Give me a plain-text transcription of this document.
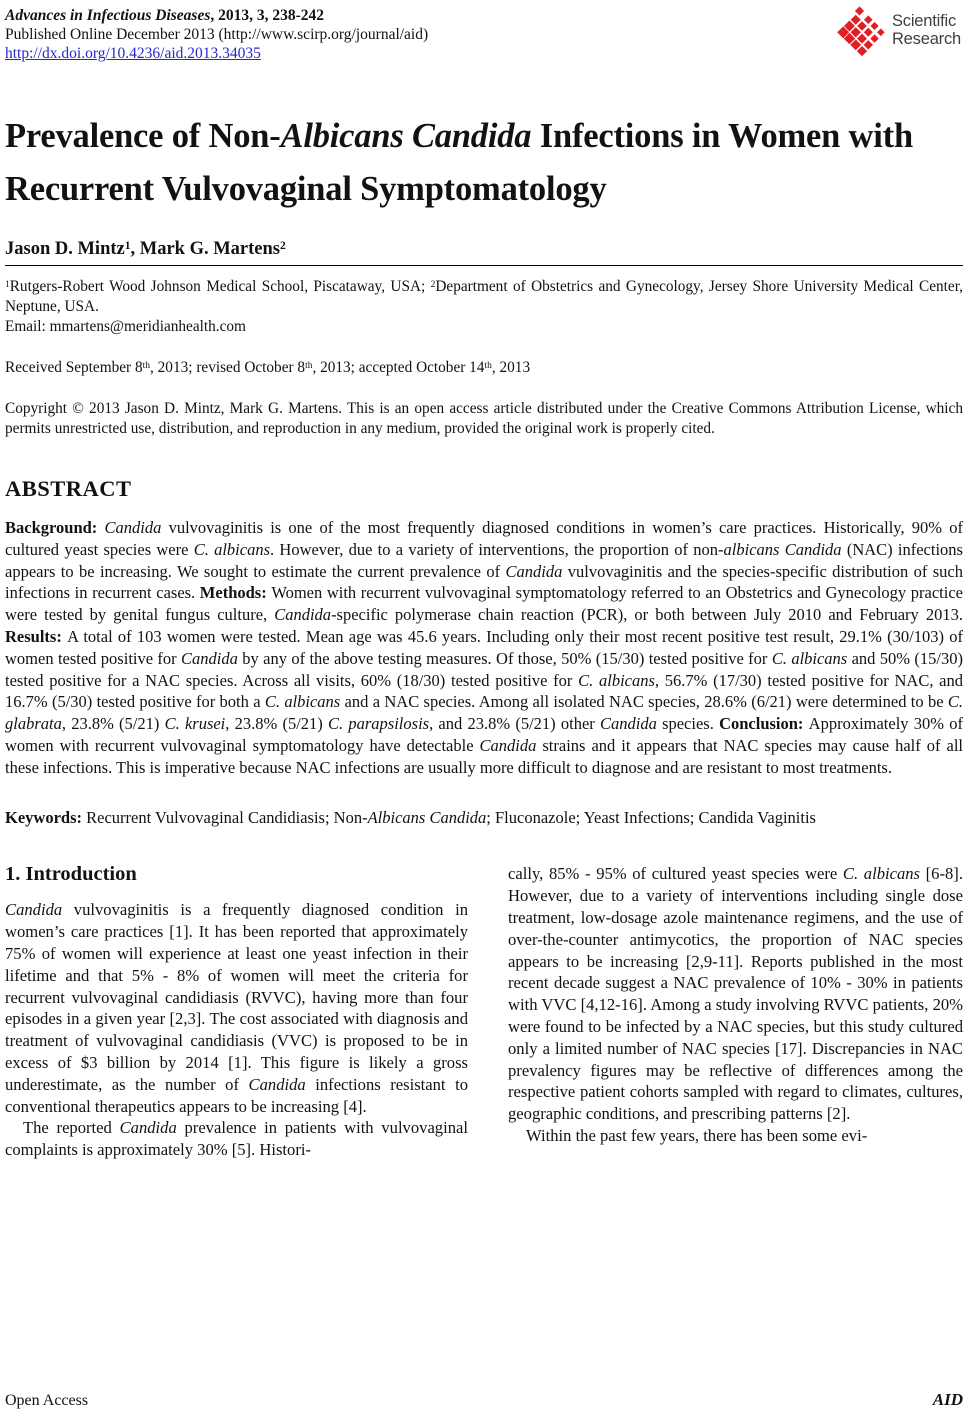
Advances in Infectious Diseases, 2013, 3, 238-242
Published Online December 2013 (http://www.scirp.org/journal/aid)
http://dx.doi.org/10.4236/aid.2013.34035
Scientific
Research
Prevalence of Non-Albicans Candida Infections in Women with Recurrent Vulvovaginal Symptomatology
Jason D. Mintz$^1$, Mark G. Martens$^2$

$^1$Rutgers-Robert Wood Johnson Medical School, Piscataway, USA; $^2$Department of Obstetrics and Gynecology, Jersey Shore University Medical Center, Neptune, USA.

Email: mmartens@meridianhealth.com

Received September 8th, 2013; revised October 8th, 2013; accepted October 14th, 2013

Copyright © 2013 Jason D. Mintz, Mark G. Martens. This is an open access article distributed under the Creative Commons Attribution License, which permits unrestricted use, distribution, and reproduction in any medium, provided the original work is properly cited.

ABSTRACT

Background: Candida vulvovaginitis is one of the most frequently diagnosed conditions in women’s care practices. Historically, 90% of cultured yeast species were C. albicans. However, due to a variety of interventions, the proportion of non-albicans Candida (NAC) infections appears to be increasing. We sought to estimate the current prevalence of Candida vulvovaginitis and the species-specific distribution of such infections in recurrent cases. Methods: Women with recurrent vulvovaginal symptomatology referred to an Obstetrics and Gynecology practice were tested by genital fungus culture, Candida-specific polymerase chain reaction (PCR), or both between July 2010 and February 2013. Results: A total of 103 women were tested. Mean age was 45.6 years. Including only their most recent positive test result, 29.1% (30/103) of women tested positive for Candida by any of the above testing measures. Of those, 50% (15/30) tested positive for C. albicans and 50% (15/30) tested positive for a NAC species. Across all visits, 60% (18/30) tested positive for C. albicans, 56.7% (17/30) tested positive for NAC, and 16.7% (5/30) tested positive for both a C. albicans and a NAC species. Among all isolated NAC species, 28.6% (6/21) were determined to be C. glabrata, 23.8% (5/21) C. krusei, 23.8% (5/21) C. parapsilosis, and 23.8% (5/21) other Candida species. Conclusion: Approximately 30% of women with recurrent vulvovaginal symptomatology have detectable Candida strains and it appears that NAC species may cause half of all these infections. This is imperative because NAC infections are usually more difficult to diagnose and are resistant to most treatments.

Keywords: Recurrent Vulvovaginal Candidiasis; Non-Albicans Candida; Fluconazole; Yeast Infections; Candida Vaginitis

1. Introduction

Candida vulvovaginitis is a frequently diagnosed condition in women’s care practices [1]. It has been reported that approximately 75% of women will experience at least one yeast infection in their lifetime and that 5% - 8% of women will meet the criteria for recurrent vulvovaginal candidiasis (RVVC), having more than four episodes in a given year [2,3]. The cost associated with diagnosis and treatment of vulvovaginal candidiasis (VVC) is proposed to be in excess of $3 billion by 2014 [1]. This figure is likely a gross underestimate, as the number of Candida infections resistant to conventional therapeutics appears to be increasing [4].

The reported Candida prevalence in patients with vulvovaginal complaints is approximately 30% [5]. Histori-

cally, 85% - 95% of cultured yeast species were C. albicans [6-8]. However, due to a variety of interventions including single dose treatment, low-dosage azole maintenance regimens, and the use of over-the-counter antimycotics, the proportion of NAC species appears to be increasing [2,9-11]. Reports published in the most recent decade suggest a NAC prevalence of 10% - 30% in patients with VVC [4,12-16]. Among a study involving RVVC patients, 20% were found to be infected by a NAC species, but this study cultured only a limited number of NAC species [17]. Discrepancies in NAC prevalency figures may be reflective of differences among the respective patient cohorts sampled with regard to climates, cultures, geographic conditions, and prescribing patterns [2].

Within the past few years, there has been some evi-

Open Access	AID
